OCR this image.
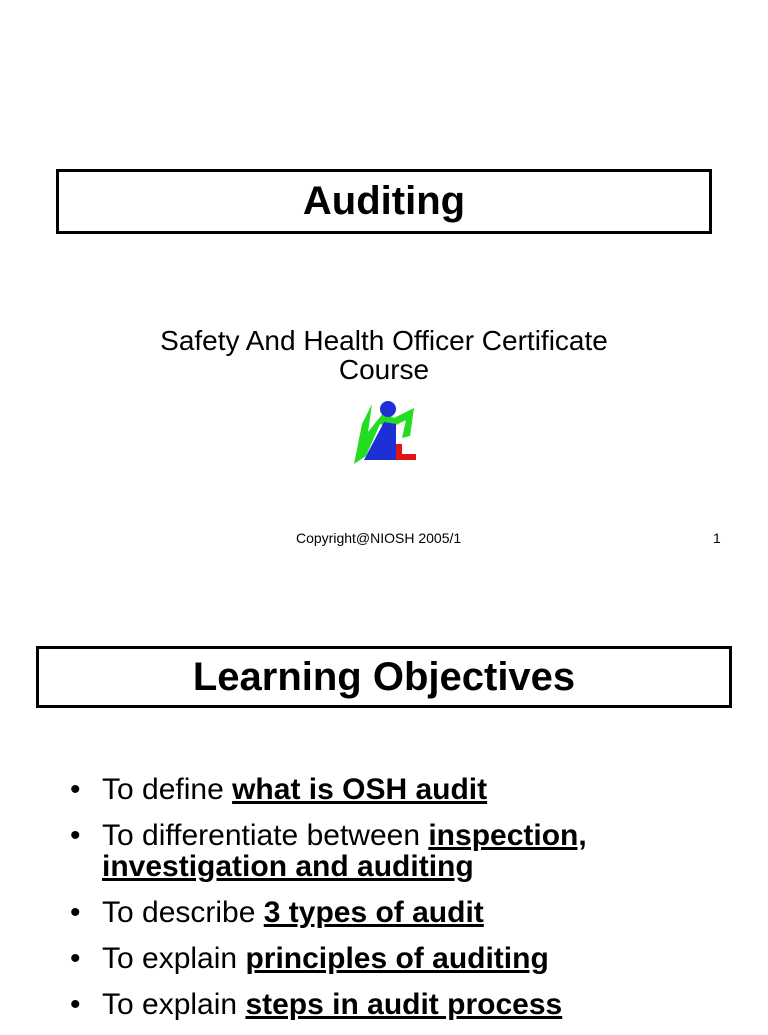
Auditing
Safety And Health Officer Certificate
Course
Copyright@NIOSH 2005/1	1
Learning Objectives
• To define what is OSH audit
• To differentiate between inspection, investigation and auditing
• To describe 3 types of audit
• To explain principles of auditing
• To explain steps in audit process
